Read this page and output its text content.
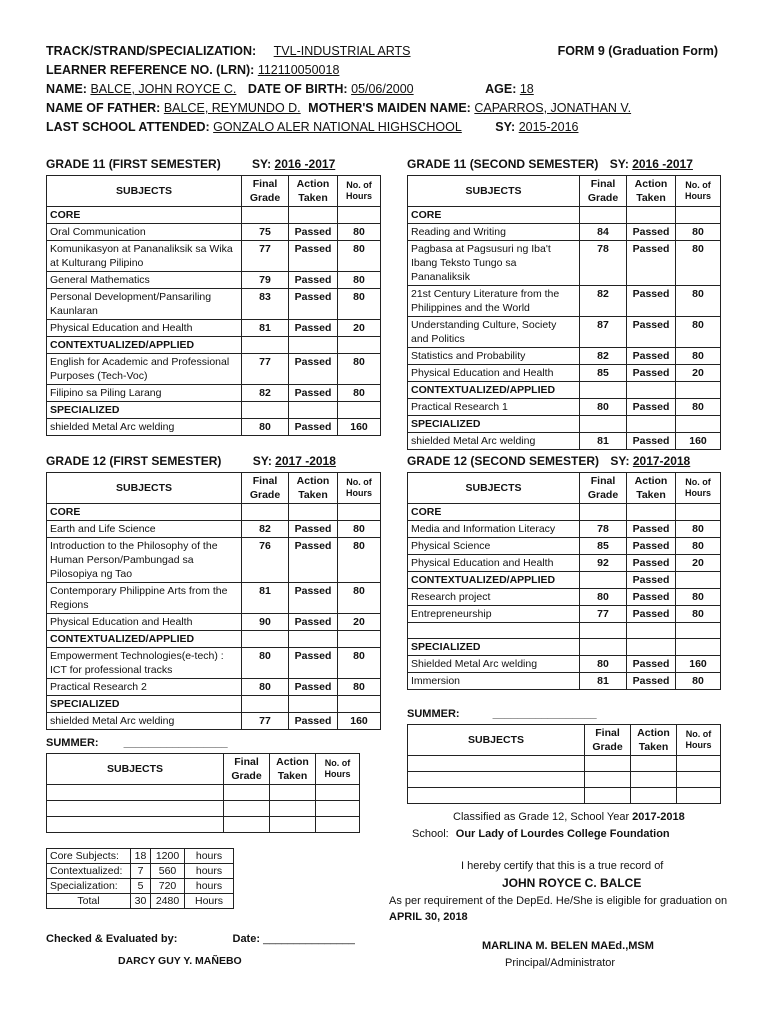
TRACK/STRAND/SPECIALIZATION: TVL-INDUSTRIAL ARTS	FORM 9 (Graduation Form)
LEARNER REFERENCE NO. (LRN): 112110050018
NAME: BALCE, JOHN ROYCE C. DATE OF BIRTH: 05/06/2000	AGE: 18
NAME OF FATHER: BALCE, REYMUNDO D. MOTHER'S MAIDEN NAME: CAPARROS, JONATHAN V.
LAST SCHOOL ATTENDED: GONZALO ALER NATIONAL HIGHSCHOOL	SY: 2015-2016
GRADE 11 (FIRST SEMESTER)	SY: 2016 -2017	GRADE 11 (SECOND SEMESTER) SY: 2016 -2017
GRADE 12 (FIRST SEMESTER)	SY: 2017 -2018	GRADE 12 (SECOND SEMESTER) SY: 2017-2018
SUBJECTS	Final Grade	Action Taken	No. of Hours
CORE			
Oral Communication	75	Passed	80
Komunikasyon at Pananaliksik sa Wika at Kulturang Pilipino	77	Passed	80
General Mathematics	79	Passed	80
Personal Development/Pansariling Kaunlaran	83	Passed	80
Physical Education and Health	81	Passed	20
CONTEXTUALIZED/APPLIED			
English for Academic and Professional Purposes (Tech-Voc)	77	Passed	80
Filipino sa Piling Larang	82	Passed	80
SPECIALIZED			
shielded Metal Arc welding	80	Passed	160
SUBJECTS	Final Grade	Action Taken	No. of Hours
CORE			
Reading and Writing	84	Passed	80
Pagbasa at Pagsusuri ng Iba't Ibang Teksto Tungo sa Pananaliksik	78	Passed	80
21st Century Literature from the Philippines and the World	82	Passed	80
Understanding Culture, Society and Politics	87	Passed	80
Statistics and Probability	82	Passed	80
Physical Education and Health	85	Passed	20
CONTEXTUALIZED/APPLIED			
Practical Research 1	80	Passed	80
SPECIALIZED			
shielded Metal Arc welding	81	Passed	160
SUBJECTS	Final Grade	Action Taken	No. of Hours
CORE			
Earth and Life Science	82	Passed	80
Introduction to the Philosophy of the Human Person/Pambungad sa Pilosopiya ng Tao	76	Passed	80
Contemporary Philippine Arts from the Regions	81	Passed	80
Physical Education and Health	90	Passed	20
CONTEXTUALIZED/APPLIED			
Empowerment Technologies(e-tech) : ICT for professional tracks	80	Passed	80
Practical Research 2	80	Passed	80
SPECIALIZED			
shielded Metal Arc welding	77	Passed	160
SUBJECTS	Final Grade	Action Taken	No. of Hours
CORE			
Media and Information Literacy	78	Passed	80
Physical Science	85	Passed	80
Physical Education and Health	92	Passed	20
CONTEXTUALIZED/APPLIED		Passed	
Research project	80	Passed	80
Entrepreneurship	77	Passed	80

SPECIALIZED			
Shielded Metal Arc welding	80	Passed	160
Immersion	81	Passed	80
SUMMER:	_________________
SUBJECTS	Final Grade	Action Taken	No. of Hours

SUMMER: _________________
SUBJECTS	Final Grade	Action Taken	No. of Hours

Core Subjects:	18	1200	hours
Contextualized:	7	560	hours
Specialization:	5	720	hours
Total	30	2480	Hours
Checked & Evaluated by:	Date: _______________
DARCY GUY Y. MAÑEBO
Classified as Grade 12, School Year 2017-2018
School: Our Lady of Lourdes College Foundation
I hereby certify that this is a true record of
JOHN ROYCE C. BALCE
As per requirement of the DepEd. He/She is eligible for graduation on
APRIL 30, 2018
MARLINA M. BELEN MAEd.,MSM
Principal/Administrator
